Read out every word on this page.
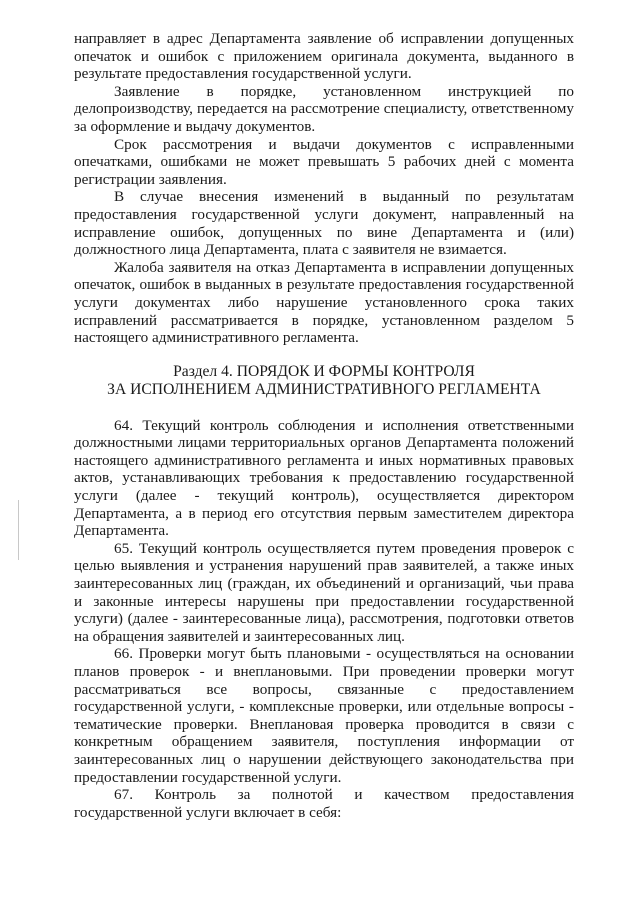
направляет в адрес Департамента заявление об исправлении допущенных опечаток и ошибок с приложением оригинала документа, выданного в результате предоставления государственной услуги.

Заявление в порядке, установленном инструкцией по делопроизводству, передается на рассмотрение специалисту, ответственному за оформление и выдачу документов.

Срок рассмотрения и выдачи документов с исправленными опечатками, ошибками не может превышать 5 рабочих дней с момента регистрации заявления.

В случае внесения изменений в выданный по результатам предоставления государственной услуги документ, направленный на исправление ошибок, допущенных по вине Департамента и (или) должностного лица Департамента, плата с заявителя не взимается.

Жалоба заявителя на отказ Департамента в исправлении допущенных опечаток, ошибок в выданных в результате предоставления государственной услуги документах либо нарушение установленного срока таких исправлений рассматривается в порядке, установленном разделом 5 настоящего административного регламента.

Раздел 4. ПОРЯДОК И ФОРМЫ КОНТРОЛЯ
ЗА ИСПОЛНЕНИЕМ АДМИНИСТРАТИВНОГО РЕГЛАМЕНТА

64. Текущий контроль соблюдения и исполнения ответственными должностными лицами территориальных органов Департамента положений настоящего административного регламента и иных нормативных правовых актов, устанавливающих требования к предоставлению государственной услуги (далее - текущий контроль), осуществляется директором Департамента, а в период его отсутствия первым заместителем директора Департамента.

65. Текущий контроль осуществляется путем проведения проверок с целью выявления и устранения нарушений прав заявителей, а также иных заинтересованных лиц (граждан, их объединений и организаций, чьи права и законные интересы нарушены при предоставлении государственной услуги) (далее - заинтересованные лица), рассмотрения, подготовки ответов на обращения заявителей и заинтересованных лиц.

66. Проверки могут быть плановыми - осуществляться на основании планов проверок - и внеплановыми. При проведении проверки могут рассматриваться все вопросы, связанные с предоставлением государственной услуги, - комплексные проверки, или отдельные вопросы - тематические проверки. Внеплановая проверка проводится в связи с конкретным обращением заявителя, поступления информации от заинтересованных лиц о нарушении действующего законодательства при предоставлении государственной услуги.

67. Контроль за полнотой и качеством предоставления государственной услуги включает в себя:
